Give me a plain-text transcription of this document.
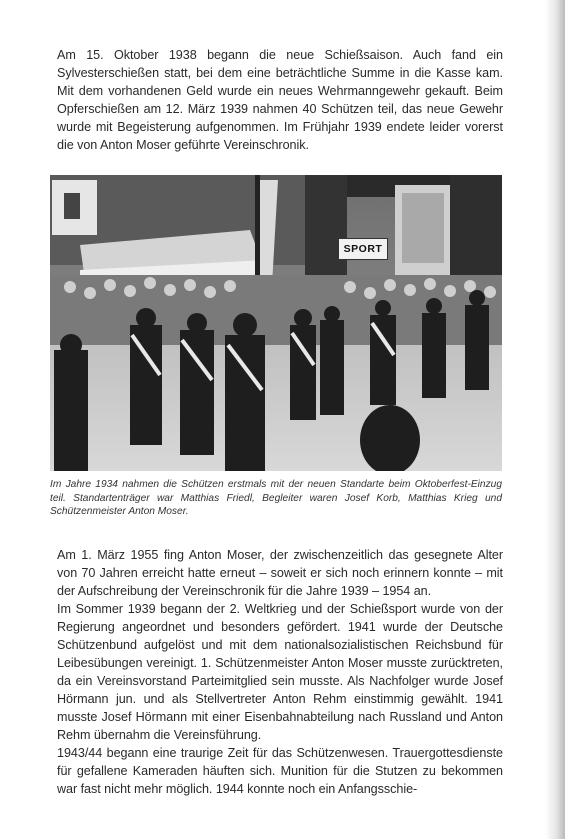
Am 15. Oktober 1938 begann die neue Schießsaison. Auch fand ein Sylvesterschießen statt, bei dem eine beträchtliche Summe in die Kasse kam. Mit dem vorhandenen Geld wurde ein neues Wehrmanngewehr gekauft. Beim Opferschießen am 12. März 1939 nahmen 40 Schützen teil, das neue Gewehr wurde mit Begeisterung aufgenommen. Im Frühjahr 1939 endete leider vorerst die von Anton Moser geführte Vereinschronik.

SPORT
Im Jahre 1934 nahmen die Schützen erstmals mit der neuen Standarte beim Oktoberfest-Einzug teil. Standartenträger war Matthias Friedl, Begleiter waren Josef Korb, Matthias Krieg und Schützenmeister Anton Moser.

Am 1. März 1955 fing Anton Moser, der zwischenzeitlich das gesegnete Alter von 70 Jahren erreicht hatte erneut – soweit er sich noch erinnern konnte – mit der Aufschreibung der Vereinschronik für die Jahre 1939 – 1954 an.

Im Sommer 1939 begann der 2. Weltkrieg und der Schießsport wurde von der Regierung angeordnet und besonders gefördert. 1941 wurde der Deutsche Schützenbund aufgelöst und mit dem nationalsozialistischen Reichsbund für Leibesübungen vereinigt. 1. Schützenmeister Anton Moser musste zurücktreten, da ein Vereinsvorstand Parteimitglied sein musste. Als Nachfolger wurde Josef Hörmann jun. und als Stellvertreter Anton Rehm einstimmig gewählt. 1941 musste Josef Hörmann mit einer Eisenbahnabteilung nach Russland und Anton Rehm übernahm die Vereinsführung.

1943/44 begann eine traurige Zeit für das Schützenwesen. Trauergottesdienste für gefallene Kameraden häuften sich. Munition für die Stutzen zu bekommen war fast nicht mehr möglich. 1944 konnte noch ein Anfangsschie-
